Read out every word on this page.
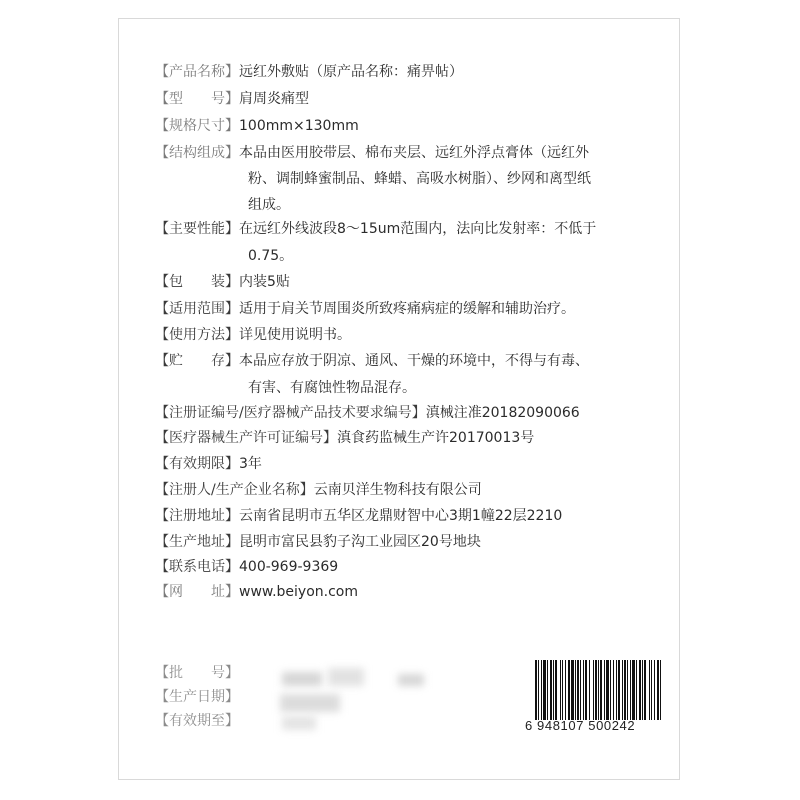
【产品名称】远红外敷贴（原产品名称：痛畀帖）
【型　　号】肩周炎痛型
【规格尺寸】100mm×130mm
【结构组成】本品由医用胶带层、棉布夹层、远红外浮点膏体（远红外
粉、调制蜂蜜制品、蜂蜡、高吸水树脂）、纱网和离型纸
组成。
【主要性能】在远红外线波段8～15um范围内，法向比发射率：不低于
0.75。
【包　　装】内装5贴
【适用范围】适用于肩关节周围炎所致疼痛病症的缓解和辅助治疗。
【使用方法】详见使用说明书。
【贮　　存】本品应存放于阴凉、通风、干燥的环境中，不得与有毒、
有害、有腐蚀性物品混存。
【注册证编号/医疗器械产品技术要求编号】滇械注准20182090066
【医疗器械生产许可证编号】滇食药监械生产许20170013号
【有效期限】3年
【注册人/生产企业名称】云南贝洋生物科技有限公司
【注册地址】云南省昆明市五华区龙鼎财智中心3期1幢22层2210
【生产地址】昆明市富民县豹子沟工业园区20号地块
【联系电话】400-969-9369
【网　　址】www.beiyon.com
【批　　号】
【生产日期】
【有效期至】	6 948107 500242
